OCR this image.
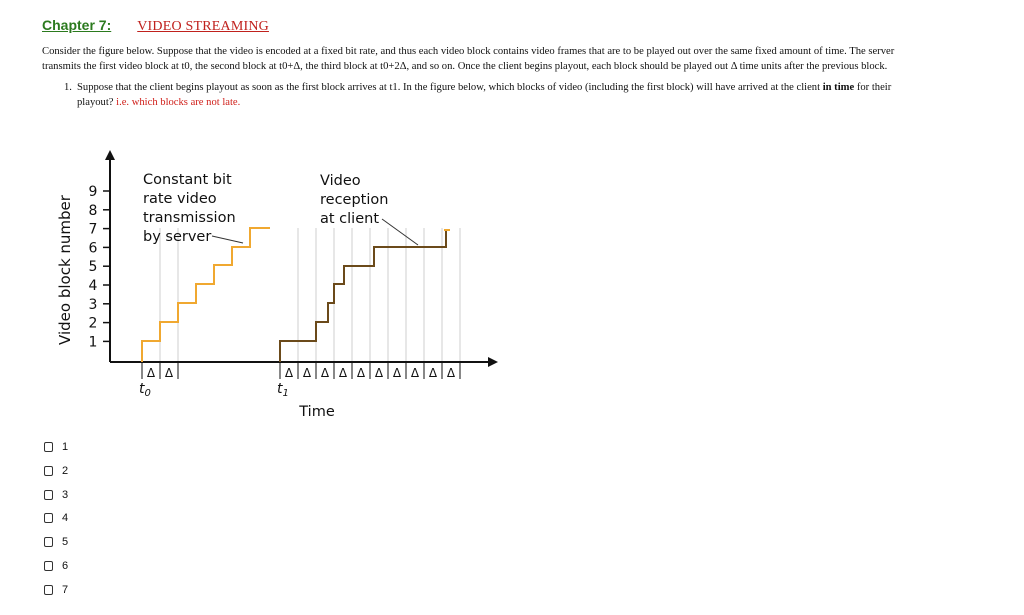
Chapter 7: VIDEO STREAMING
Consider the figure below. Suppose that the video is encoded at a fixed bit rate, and thus each video block contains video frames that are to be played out over the same fixed amount of time. The server
transmits the first video block at t0, the second block at t0+Δ, the third block at t0+2Δ, and so on. Once the client begins playout, each block should be played out Δ time units after the previous block.
1. Suppose that the client begins playout as soon as the first block arrives at t1. In the figure below, which blocks of video (including the first block) will have arrived at the client in time for their
playout? i.e. which blocks are not late.
1
2
3
4
5
6
7
8
9
Video block number
Constant bit
rate video
transmission
by server
Video
reception
at client
Δ Δ	Δ Δ Δ Δ Δ Δ Δ Δ Δ Δ
$t_0$	$t_1$
Time
1
2
3
4
5
6
7
